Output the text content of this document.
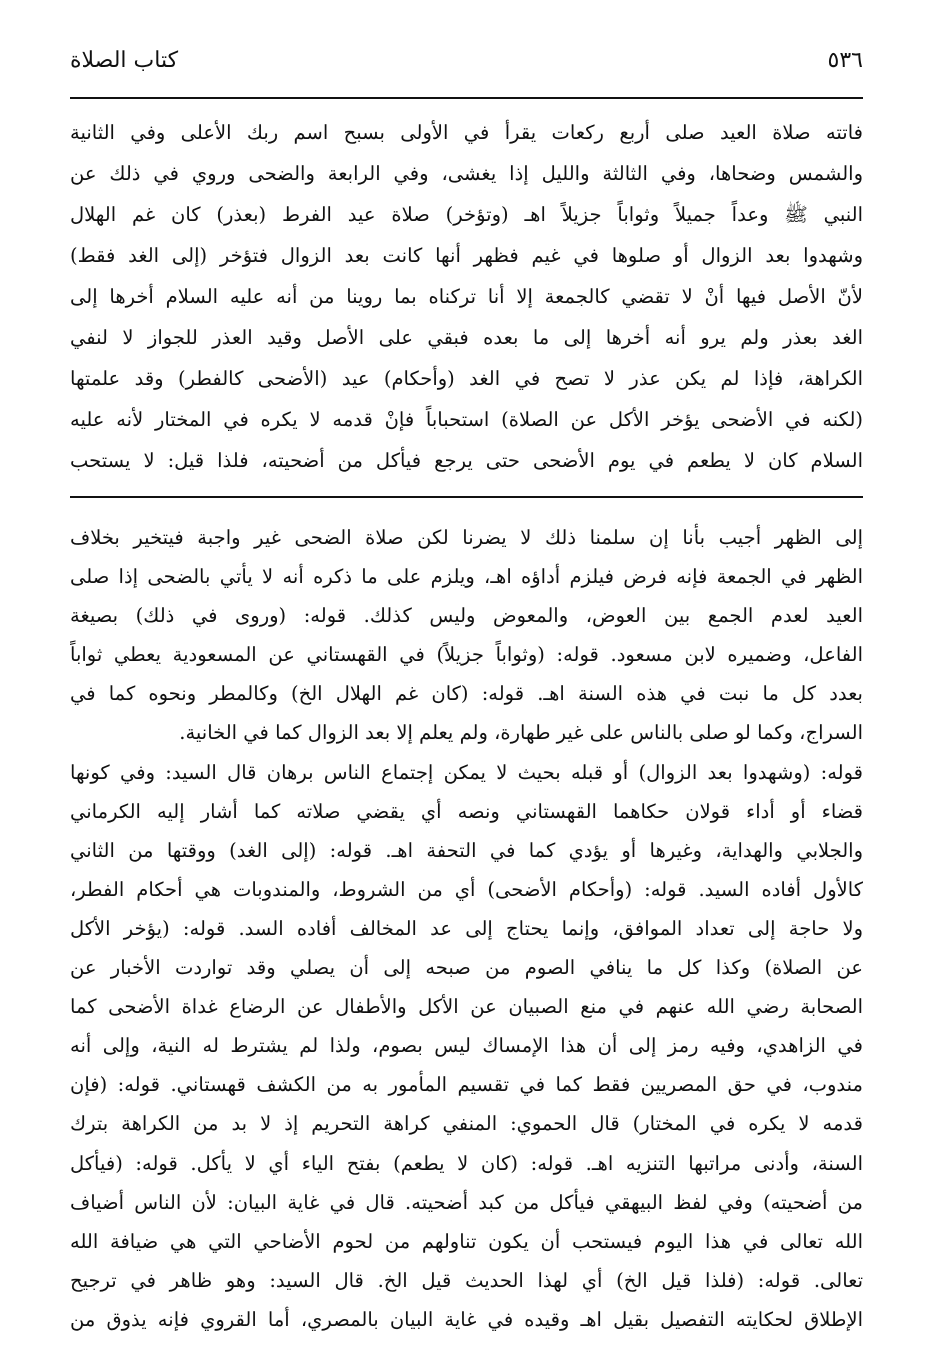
كتاب الصلاة	٥٣٦
فاتته صلاة العيد صلى أربع ركعات يقرأ في الأولى بسبح اسم ربك الأعلى وفي الثانية
والشمس وضحاها، وفي الثالثة والليل إذا يغشى، وفي الرابعة والضحى وروي في ذلك عن
النبي ﷺ وعداً جميلاً وثواباً جزيلاً اهـ (وتؤخر) صلاة عيد الفرط (بعذر) كان غم الهلال
وشهدوا بعد الزوال أو صلوها في غيم فظهر أنها كانت بعد الزوال فتؤخر (إلى الغد فقط)
لأنّ الأصل فيها أنْ لا تقضي كالجمعة إلا أنا تركناه بما روينا من أنه عليه السلام أخرها إلى
الغد بعذر ولم يرو أنه أخرها إلى ما بعده فبقي على الأصل وقيد العذر للجواز لا لنفي
الكراهة، فإذا لم يكن عذر لا تصح في الغد (وأحكام) عيد (الأضحى كالفطر) وقد علمتها
(لكنه في الأضحى يؤخر الأكل عن الصلاة) استحباباً فإنْ قدمه لا يكره في المختار لأنه عليه
السلام كان لا يطعم في يوم الأضحى حتى يرجع فيأكل من أضحيته، فلذا قيل: لا يستحب
إلى الظهر أجيب بأنا إن سلمنا ذلك لا يضرنا لكن صلاة الضحى غير واجبة فيتخير بخلاف
الظهر في الجمعة فإنه فرض فيلزم أداؤه اهـ، ويلزم على ما ذكره أنه لا يأتي بالضحى إذا صلى
العيد لعدم الجمع بين العوض، والمعوض وليس كذلك. قوله: (وروى في ذلك) بصيغة
الفاعل، وضميره لابن مسعود. قوله: (وثواباً جزيلاً) في القهستاني عن المسعودية يعطي ثواباً
بعدد كل ما نبت في هذه السنة اهـ. قوله: (كان غم الهلال الخ) وكالمطر ونحوه كما في
السراج، وكما لو صلى بالناس على غير طهارة، ولم يعلم إلا بعد الزوال كما في الخانية.
قوله: (وشهدوا بعد الزوال) أو قبله بحيث لا يمكن إجتماع الناس برهان قال السيد: وفي كونها
قضاء أو أداء قولان حكاهما القهستاني ونصه أي يقضي صلاته كما أشار إليه الكرماني
والجلابي والهداية، وغيرها أو يؤدي كما في التحفة اهـ. قوله: (إلى الغد) ووقتها من الثاني
كالأول أفاده السيد. قوله: (وأحكام الأضحى) أي من الشروط، والمندوبات هي أحكام الفطر،
ولا حاجة إلى تعداد الموافق، وإنما يحتاج إلى عد المخالف أفاده السد. قوله: (يؤخر الأكل
عن الصلاة) وكذا كل ما ينافي الصوم من صبحه إلى أن يصلي وقد تواردت الأخبار عن
الصحابة رضي الله عنهم في منع الصبيان عن الأكل والأطفال عن الرضاع غداة الأضحى كما
في الزاهدي، وفيه رمز إلى أن هذا الإمساك ليس بصوم، ولذا لم يشترط له النية، وإلى أنه
مندوب، في حق المصريين فقط كما في تقسيم المأمور به من الكشف قهستاني. قوله: (فإن
قدمه لا يكره في المختار) قال الحموي: المنفي كراهة التحريم إذ لا بد من الكراهة بترك
السنة، وأدنى مراتبها التنزيه اهـ. قوله: (كان لا يطعم) بفتح الياء أي لا يأكل. قوله: (فيأكل
من أضحيته) وفي لفظ البيهقي فيأكل من كبد أضحيته. قال في غاية البيان: لأن الناس أضياف
الله تعالى في هذا اليوم فيستحب أن يكون تناولهم من لحوم الأضاحي التي هي ضيافة الله
تعالى. قوله: (فلذا قيل الخ) أي لهذا الحديث قيل الخ. قال السيد: وهو ظاهر في ترجيح
الإطلاق لحكايته التفصيل بقيل اهـ وقيده في غاية البيان بالمصري، أما القروي فإنه يذوق من
